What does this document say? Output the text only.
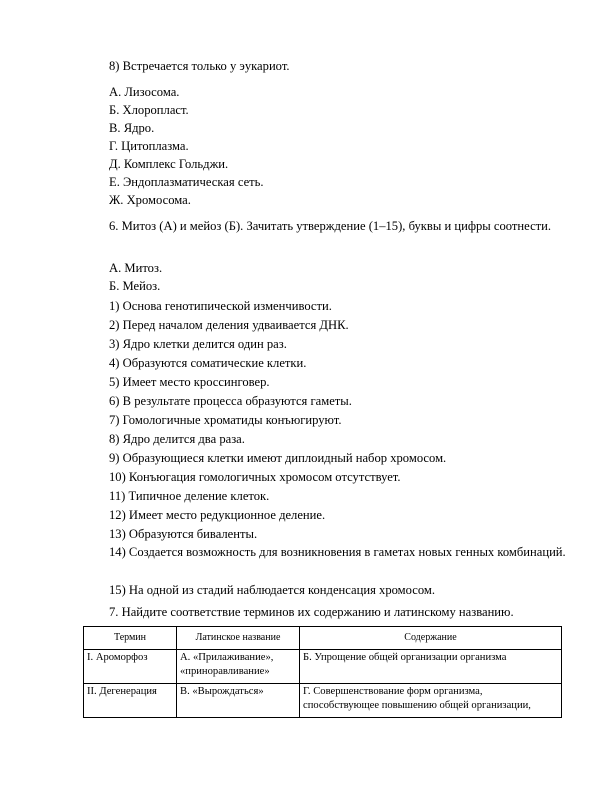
8) Встречается только у эукариот.
А. Лизосома.
Б. Хлоропласт.
В. Ядро.
Г. Цитоплазма.
Д. Комплекс Гольджи.
Е. Эндоплазматическая сеть.
Ж. Хромосома.
6. Митоз (А) и мейоз (Б). Зачитать утверждение (1–15), буквы и цифры соотнести.
А. Митоз.
Б. Мейоз.
1) Основа генотипической изменчивости.
2) Перед началом деления удваивается ДНК.
3) Ядро клетки делится один раз.
4) Образуются соматические клетки.
5) Имеет место кроссинговер.
6) В результате процесса образуются гаметы.
7) Гомологичные хроматиды конъюгируют.
8) Ядро делится два раза.
9) Образующиеся клетки имеют диплоидный набор хромосом.
10) Конъюгация гомологичных хромосом отсутствует.
11) Типичное деление клеток.
12) Имеет место редукционное деление.
13) Образуются биваленты.
14) Создается возможность для возникновения в гаметах новых генных комбинаций.
15) На одной из стадий наблюдается конденсация хромосом.
7. Найдите соответствие терминов их содержанию и латинскому названию.
Термин	Латинское название	Содержание
I. Ароморфоз	А. «Прилаживание», «приноравливание»	Б. Упрощение общей организации организма
II. Дегенерация	В. «Вырождаться»	Г. Совершенствование форм организма, способствующее повышению общей организации,
